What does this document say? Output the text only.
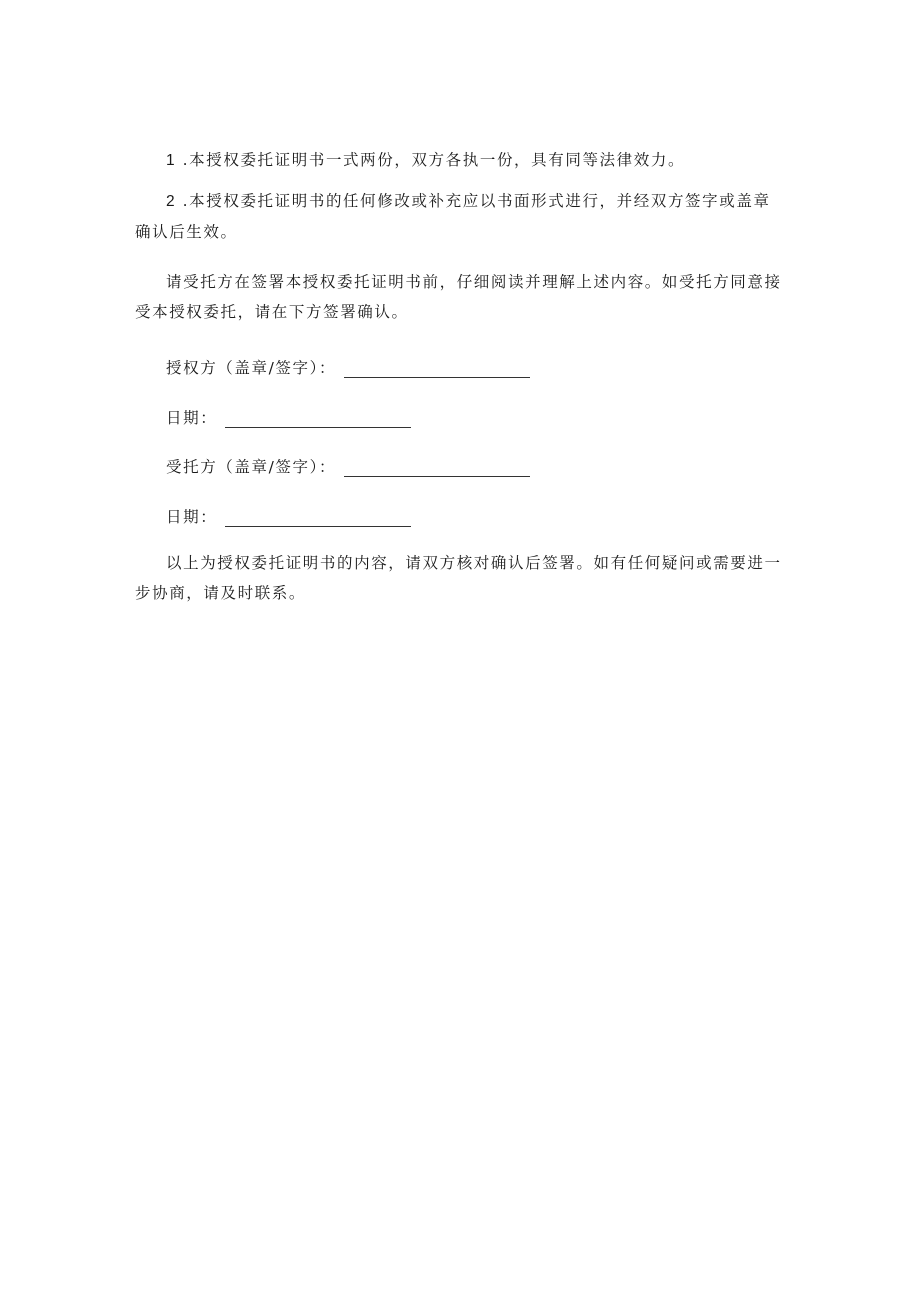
1 .本授权委托证明书一式两份，双方各执一份，具有同等法律效力。

2 .本授权委托证明书的任何修改或补充应以书面形式进行，并经双方签字或盖章确认后生效。

请受托方在签署本授权委托证明书前，仔细阅读并理解上述内容。如受托方同意接受本授权委托，请在下方签署确认。

授权方（盖章/签字）：
日期：
受托方（盖章/签字）：
日期：

以上为授权委托证明书的内容，请双方核对确认后签署。如有任何疑问或需要进一步协商，请及时联系。
